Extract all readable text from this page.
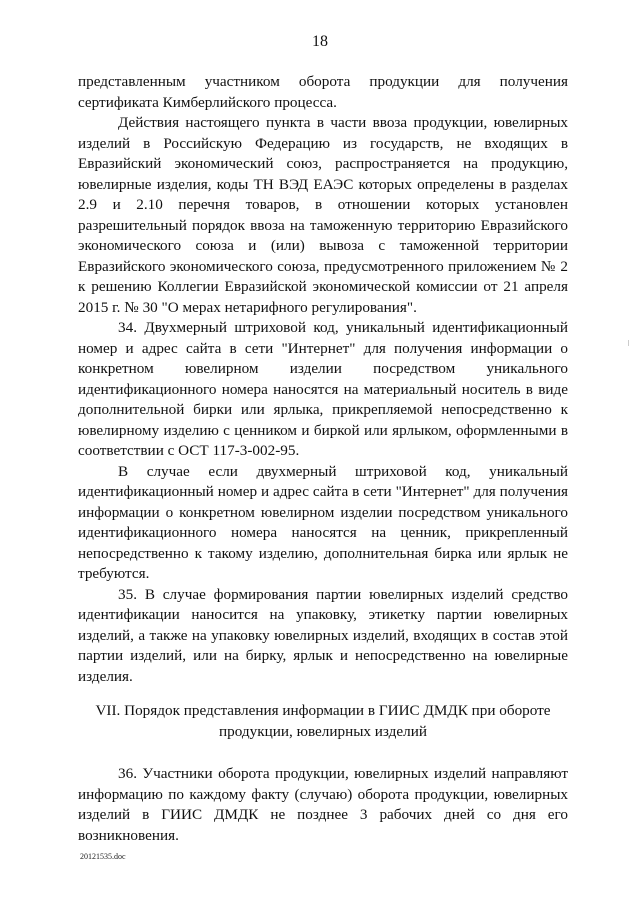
18

представленным участником оборота продукции для получения сертификата Кимберлийского процесса.

Действия настоящего пункта в части ввоза продукции, ювелирных изделий в Российскую Федерацию из государств, не входящих в Евразийский экономический союз, распространяется на продукцию, ювелирные изделия, коды ТН ВЭД ЕАЭС которых определены в разделах 2.9 и 2.10 перечня товаров, в отношении которых установлен разрешительный порядок ввоза на таможенную территорию Евразийского экономического союза и (или) вывоза с таможенной территории Евразийского экономического союза, предусмотренного приложением № 2 к решению Коллегии Евразийской экономической комиссии от 21 апреля 2015 г. № 30 "О мерах нетарифного регулирования".

34. Двухмерный штриховой код, уникальный идентификационный номер и адрес сайта в сети "Интернет" для получения информации о конкретном ювелирном изделии посредством уникального идентификационного номера наносятся на материальный носитель в виде дополнительной бирки или ярлыка, прикрепляемой непосредственно к ювелирному изделию с ценником и биркой или ярлыком, оформленными в соответствии с ОСТ 117-3-002-95.

В случае если двухмерный штриховой код, уникальный идентификационный номер и адрес сайта в сети "Интернет" для получения информации о конкретном ювелирном изделии посредством уникального идентификационного номера наносятся на ценник, прикрепленный непосредственно к такому изделию, дополнительная бирка или ярлык не требуются.

35. В случае формирования партии ювелирных изделий средство идентификации наносится на упаковку, этикетку партии ювелирных изделий, а также на упаковку ювелирных изделий, входящих в состав этой партии изделий, или на бирку, ярлык и непосредственно на ювелирные изделия.

VII. Порядок представления информации в ГИИС ДМДК при обороте
продукции, ювелирных изделий

36. Участники оборота продукции, ювелирных изделий направляют информацию по каждому факту (случаю) оборота продукции, ювелирных изделий в ГИИС ДМДК не позднее 3 рабочих дней со дня его возникновения.

20121535.doc
